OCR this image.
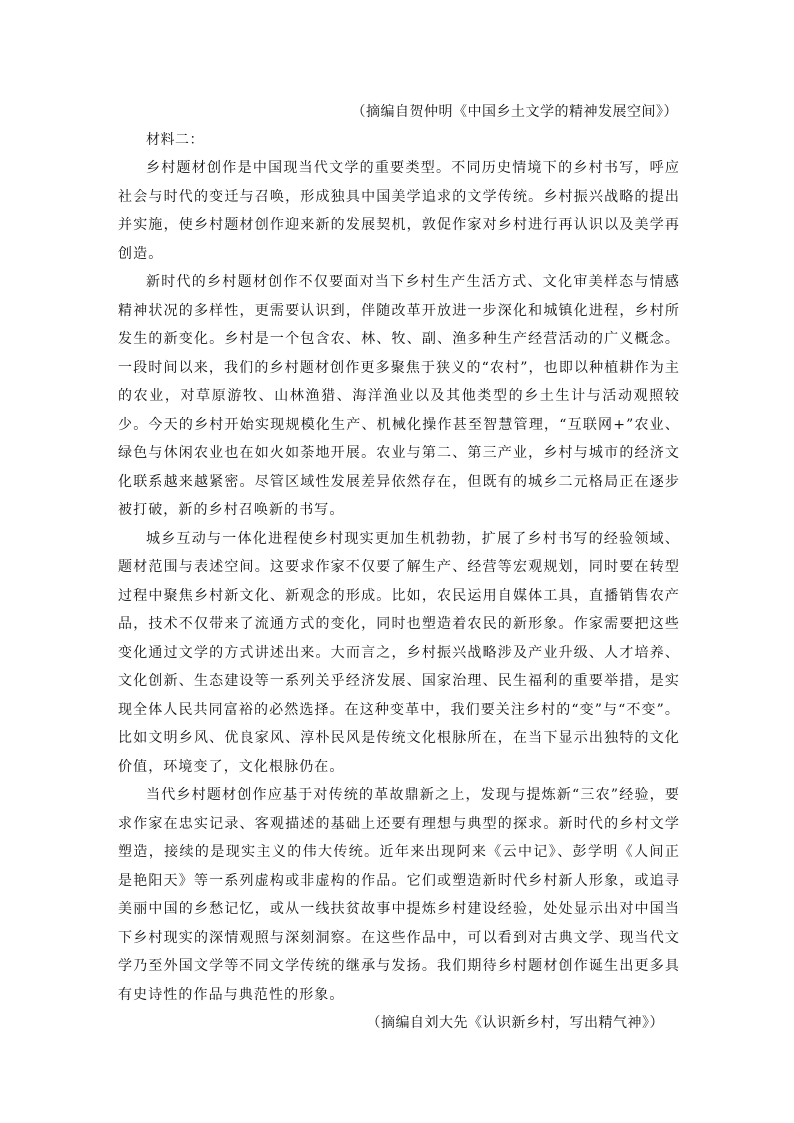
（摘编自贺仲明《中国乡土文学的精神发展空间》）

材料二：

乡村题材创作是中国现当代文学的重要类型。不同历史情境下的乡村书写，呼应社会与时代的变迁与召唤，形成独具中国美学追求的文学传统。乡村振兴战略的提出并实施，使乡村题材创作迎来新的发展契机，敦促作家对乡村进行再认识以及美学再创造。

新时代的乡村题材创作不仅要面对当下乡村生产生活方式、文化审美样态与情感精神状况的多样性，更需要认识到，伴随改革开放进一步深化和城镇化进程，乡村所发生的新变化。乡村是一个包含农、林、牧、副、渔多种生产经营活动的广义概念。一段时间以来，我们的乡村题材创作更多聚焦于狭义的“农村”，也即以种植耕作为主的农业，对草原游牧、山林渔猎、海洋渔业以及其他类型的乡土生计与活动观照较少。今天的乡村开始实现规模化生产、机械化操作甚至智慧管理，“互联网+”农业、绿色与休闲农业也在如火如荼地开展。农业与第二、第三产业，乡村与城市的经济文化联系越来越紧密。尽管区域性发展差异依然存在，但既有的城乡二元格局正在逐步被打破，新的乡村召唤新的书写。

城乡互动与一体化进程使乡村现实更加生机勃勃，扩展了乡村书写的经验领域、题材范围与表述空间。这要求作家不仅要了解生产、经营等宏观规划，同时要在转型过程中聚焦乡村新文化、新观念的形成。比如，农民运用自媒体工具，直播销售农产品，技术不仅带来了流通方式的变化，同时也塑造着农民的新形象。作家需要把这些变化通过文学的方式讲述出来。大而言之，乡村振兴战略涉及产业升级、人才培养、文化创新、生态建设等一系列关乎经济发展、国家治理、民生福利的重要举措，是实现全体人民共同富裕的必然选择。在这种变革中，我们要关注乡村的“变”与“不变”。比如文明乡风、优良家风、淳朴民风是传统文化根脉所在，在当下显示出独特的文化价值，环境变了，文化根脉仍在。

当代乡村题材创作应基于对传统的革故鼎新之上，发现与提炼新“三农”经验，要求作家在忠实记录、客观描述的基础上还要有理想与典型的探求。新时代的乡村文学塑造，接续的是现实主义的伟大传统。近年来出现阿来《云中记》、彭学明《人间正是艳阳天》等一系列虚构或非虚构的作品。它们或塑造新时代乡村新人形象，或追寻美丽中国的乡愁记忆，或从一线扶贫故事中提炼乡村建设经验，处处显示出对中国当下乡村现实的深情观照与深刻洞察。在这些作品中，可以看到对古典文学、现当代文学乃至外国文学等不同文学传统的继承与发扬。我们期待乡村题材创作诞生出更多具有史诗性的作品与典范性的形象。

（摘编自刘大先《认识新乡村，写出精气神》）
